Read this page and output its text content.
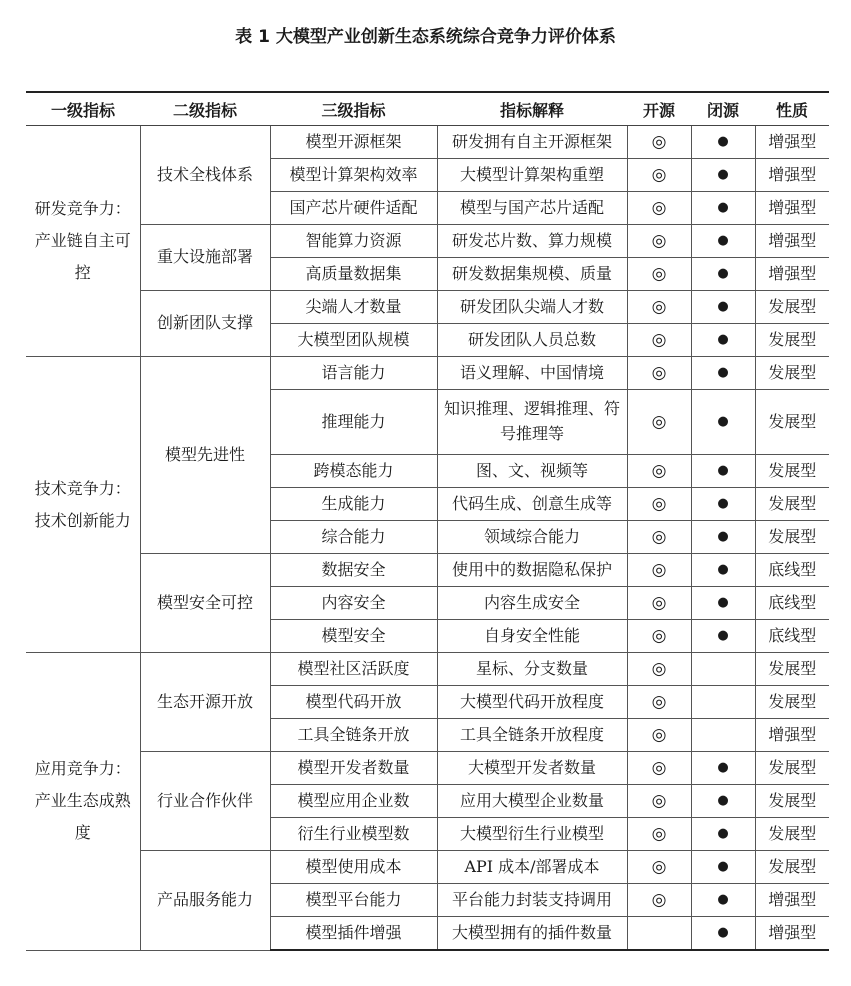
表 1 大模型产业创新生态系统综合竞争力评价体系
一级指标	二级指标	三级指标	指标解释	开源	闭源	性质
研发竞争力：产业链自主可控	技术全栈体系	模型开源框架	研发拥有自主开源框架	◎	●	增强型
		模型计算架构效率	大模型计算架构重塑	◎	●	增强型
		国产芯片硬件适配	模型与国产芯片适配	◎	●	增强型
	重大设施部署	智能算力资源	研发芯片数、算力规模	◎	●	增强型
		高质量数据集	研发数据集规模、质量	◎	●	增强型
	创新团队支撑	尖端人才数量	研发团队尖端人才数	◎	●	发展型
		大模型团队规模	研发团队人员总数	◎	●	发展型
技术竞争力：技术创新能力	模型先进性	语言能力	语义理解、中国情境	◎	●	发展型
		推理能力	知识推理、逻辑推理、符号推理等	◎	●	发展型
		跨模态能力	图、文、视频等	◎	●	发展型
		生成能力	代码生成、创意生成等	◎	●	发展型
		综合能力	领域综合能力	◎	●	发展型
	模型安全可控	数据安全	使用中的数据隐私保护	◎	●	底线型
		内容安全	内容生成安全	◎	●	底线型
		模型安全	自身安全性能	◎	●	底线型
应用竞争力：产业生态成熟度	生态开源开放	模型社区活跃度	星标、分支数量	◎		发展型
		模型代码开放	大模型代码开放程度	◎		发展型
		工具全链条开放	工具全链条开放程度	◎		增强型
	行业合作伙伴	模型开发者数量	大模型开发者数量	◎	●	发展型
		模型应用企业数	应用大模型企业数量	◎	●	发展型
		衍生行业模型数	大模型衍生行业模型	◎	●	发展型
	产品服务能力	模型使用成本	API 成本/部署成本	◎	●	发展型
		模型平台能力	平台能力封装支持调用	◎	●	增强型
		模型插件增强	大模型拥有的插件数量		●	增强型
